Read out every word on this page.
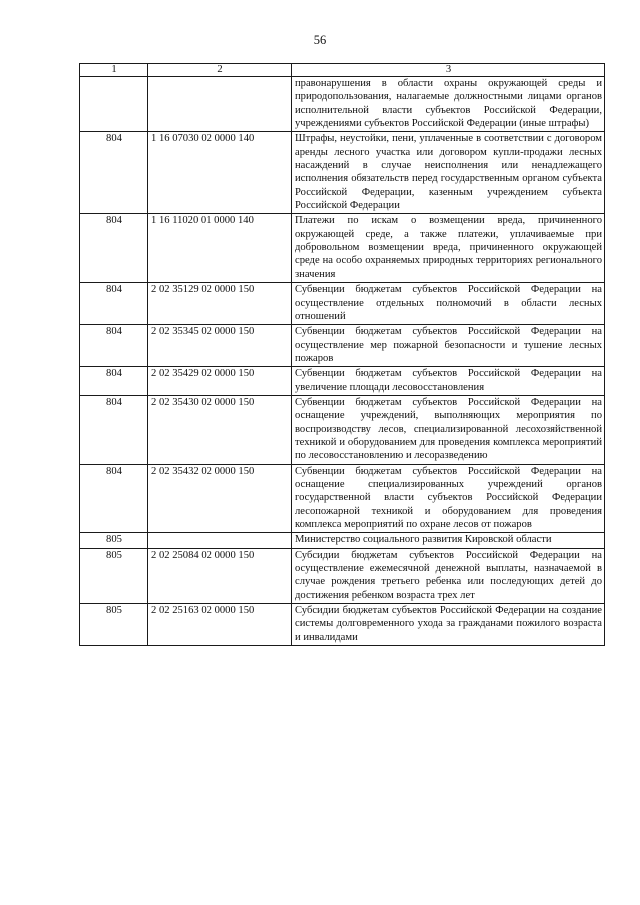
56
1	2	3
		правонарушения в области охраны окружающей среды и природопользования, налагаемые должностными лицами органов исполнительной власти субъектов Российской Федерации, учреждениями субъектов Российской Федерации (иные штрафы)
804	1 16 07030 02 0000 140	Штрафы, неустойки, пени, уплаченные в соответствии с договором аренды лесного участка или договором купли-продажи лесных насаждений в случае неисполнения или ненадлежащего исполнения обязательств перед государственным органом субъекта Российской Федерации, казенным учреждением субъекта Российской Федерации
804	1 16 11020 01 0000 140	Платежи по искам о возмещении вреда, причиненного окружающей среде, а также платежи, уплачиваемые при добровольном возмещении вреда, причиненного окружающей среде на особо охраняемых природных территориях регионального значения
804	2 02 35129 02 0000 150	Субвенции бюджетам субъектов Российской Федерации на осуществление отдельных полномочий в области лесных отношений
804	2 02 35345 02 0000 150	Субвенции бюджетам субъектов Российской Федерации на осуществление мер пожарной безопасности и тушение лесных пожаров
804	2 02 35429 02 0000 150	Субвенции бюджетам субъектов Российской Федерации на увеличение площади лесовосстановления
804	2 02 35430 02 0000 150	Субвенции бюджетам субъектов Российской Федерации на оснащение учреждений, выполняющих мероприятия по воспроизводству лесов, специализированной лесохозяйственной техникой и оборудованием для проведения комплекса мероприятий по лесовосстановлению и лесоразведению
804	2 02 35432 02 0000 150	Субвенции бюджетам субъектов Российской Федерации на оснащение специализированных учреждений органов государственной власти субъектов Российской Федерации лесопожарной техникой и оборудованием для проведения комплекса мероприятий по охране лесов от пожаров
805		Министерство социального развития Кировской области
805	2 02 25084 02 0000 150	Субсидии бюджетам субъектов Российской Федерации на осуществление ежемесячной денежной выплаты, назначаемой в случае рождения третьего ребенка или последующих детей до достижения ребенком возраста трех лет
805	2 02 25163 02 0000 150	Субсидии бюджетам субъектов Российской Федерации на создание системы долговременного ухода за гражданами пожилого возраста и инвалидами
